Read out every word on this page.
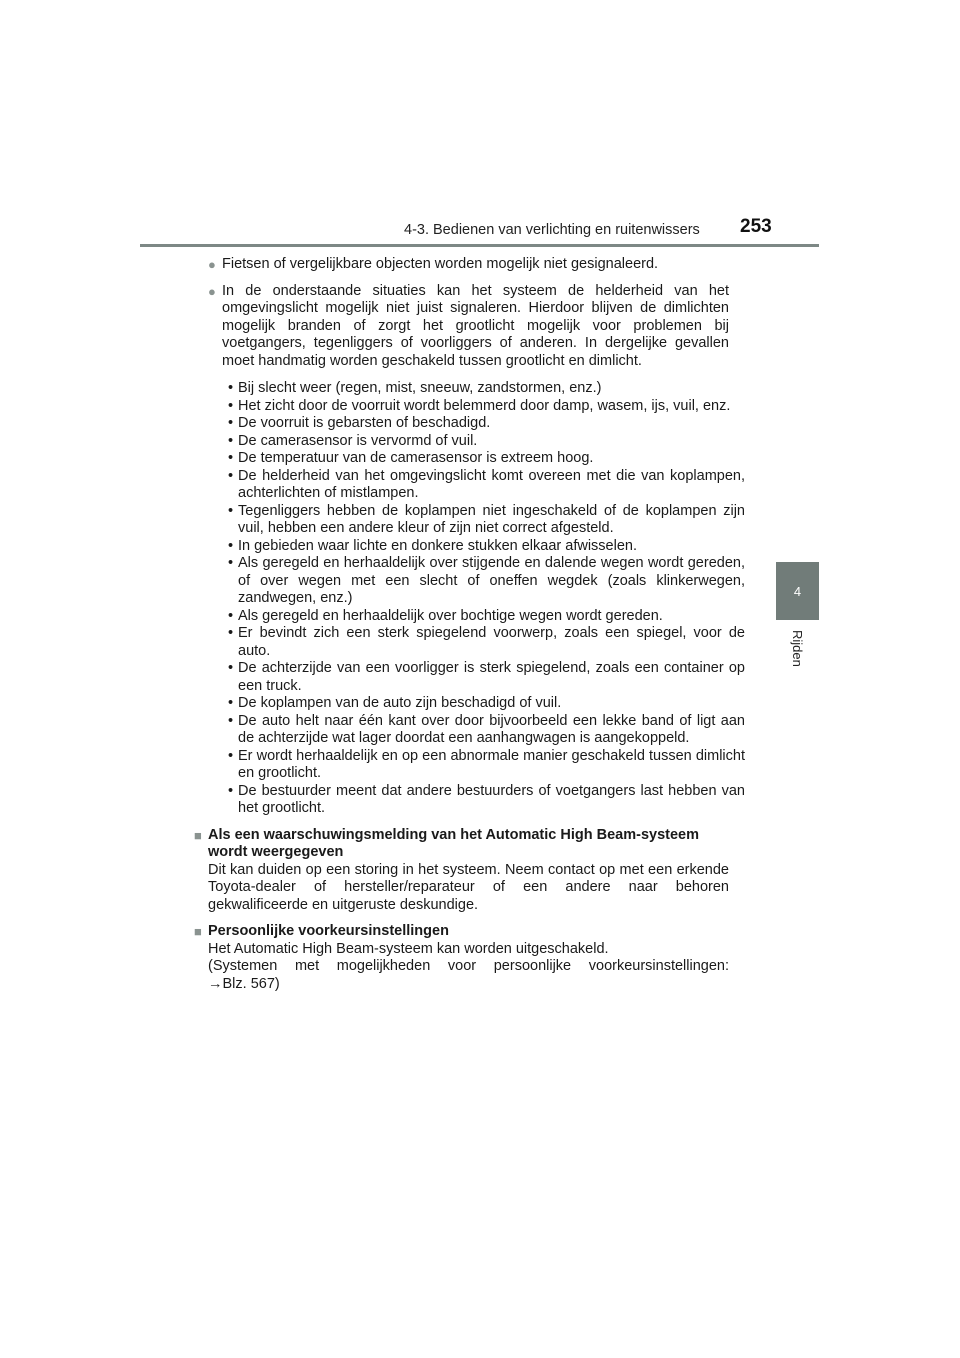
4-3. Bedienen van verlichting en ruitenwissers 253
4
Rijden
● Fietsen of vergelijkbare objecten worden mogelijk niet gesignaleerd.
● In de onderstaande situaties kan het systeem de helderheid van het omgevingslicht mogelijk niet juist signaleren. Hierdoor blijven de dimlichten mogelijk branden of zorgt het grootlicht mogelijk voor problemen bij voetgangers, tegenliggers of voorliggers of anderen. In dergelijke gevallen moet handmatig worden geschakeld tussen grootlicht en dimlicht.
• Bij slecht weer (regen, mist, sneeuw, zandstormen, enz.)
• Het zicht door de voorruit wordt belemmerd door damp, wasem, ijs, vuil, enz.
• De voorruit is gebarsten of beschadigd.
• De camerasensor is vervormd of vuil.
• De temperatuur van de camerasensor is extreem hoog.
• De helderheid van het omgevingslicht komt overeen met die van koplampen, achterlichten of mistlampen.
• Tegenliggers hebben de koplampen niet ingeschakeld of de koplampen zijn vuil, hebben een andere kleur of zijn niet correct afgesteld.
• In gebieden waar lichte en donkere stukken elkaar afwisselen.
• Als geregeld en herhaaldelijk over stijgende en dalende wegen wordt gereden, of over wegen met een slecht of oneffen wegdek (zoals klinkerwegen, zandwegen, enz.)
• Als geregeld en herhaaldelijk over bochtige wegen wordt gereden.
• Er bevindt zich een sterk spiegelend voorwerp, zoals een spiegel, voor de auto.
• De achterzijde van een voorligger is sterk spiegelend, zoals een container op een truck.
• De koplampen van de auto zijn beschadigd of vuil.
• De auto helt naar één kant over door bijvoorbeeld een lekke band of ligt aan de achterzijde wat lager doordat een aanhangwagen is aangekoppeld.
• Er wordt herhaaldelijk en op een abnormale manier geschakeld tussen dimlicht en grootlicht.
• De bestuurder meent dat andere bestuurders of voetgangers last hebben van het grootlicht.
■ Als een waarschuwingsmelding van het Automatic High Beam-systeem wordt weergegeven
Dit kan duiden op een storing in het systeem. Neem contact op met een erkende Toyota-dealer of hersteller/reparateur of een andere naar behoren gekwalificeerde en uitgeruste deskundige.
■ Persoonlijke voorkeursinstellingen
Het Automatic High Beam-systeem kan worden uitgeschakeld.
(Systemen met mogelijkheden voor persoonlijke voorkeursinstellingen:
→Blz. 567)
